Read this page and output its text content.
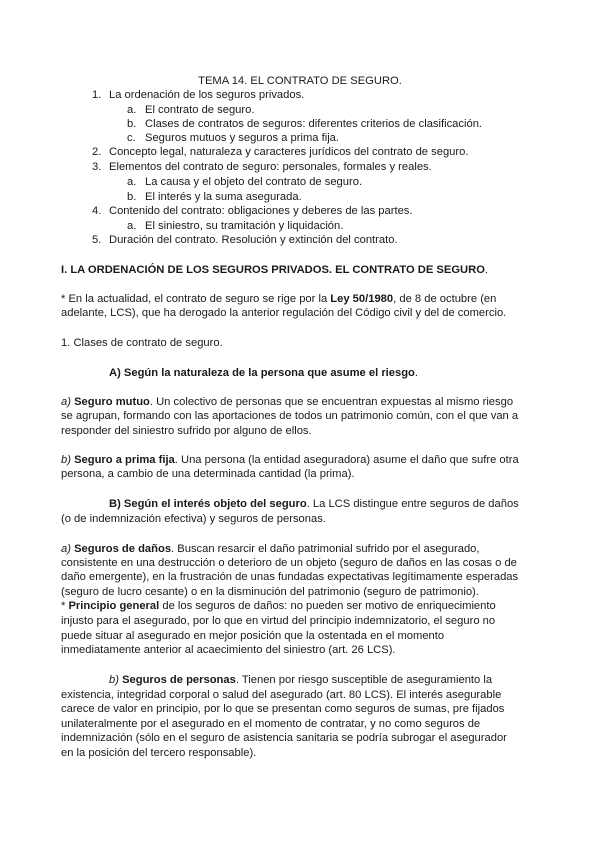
TEMA 14. EL CONTRATO DE SEGURO.
1. La ordenación de los seguros privados.
a. El contrato de seguro.
b. Clases de contratos de seguros: diferentes criterios de clasificación.
c. Seguros mutuos y seguros a prima fija.
2. Concepto legal, naturaleza y caracteres jurídicos del contrato de seguro.
3. Elementos del contrato de seguro: personales, formales y reales.
a. La causa y el objeto del contrato de seguro.
b. El interés y la suma asegurada.
4. Contenido del contrato: obligaciones y deberes de las partes.
a. El siniestro, su tramitación y liquidación.
5. Duración del contrato. Resolución y extinción del contrato.
I. LA ORDENACIÓN DE LOS SEGUROS PRIVADOS. EL CONTRATO DE SEGURO.
* En la actualidad, el contrato de seguro se rige por la Ley 50/1980, de 8 de octubre (en
adelante, LCS), que ha derogado la anterior regulación del Código civil y del de comercio.
1. Clases de contrato de seguro.
A) Según la naturaleza de la persona que asume el riesgo.
a) Seguro mutuo. Un colectivo de personas que se encuentran expuestas al mismo riesgo
se agrupan, formando con las aportaciones de todos un patrimonio común, con el que van a
responder del siniestro sufrido por alguno de ellos.
b) Seguro a prima fija. Una persona (la entidad aseguradora) asume el daño que sufre otra
persona, a cambio de una determinada cantidad (la prima).
B) Según el interés objeto del seguro. La LCS distingue entre seguros de daños
(o de indemnización efectiva) y seguros de personas.
a) Seguros de daños. Buscan resarcir el daño patrimonial sufrido por el asegurado,
consistente en una destrucción o deterioro de un objeto (seguro de daños en las cosas o de
daño emergente), en la frustración de unas fundadas expectativas legítimamente esperadas
(seguro de lucro cesante) o en la disminución del patrimonio (seguro de patrimonio).
* Principio general de los seguros de daños: no pueden ser motivo de enriquecimiento
injusto para el asegurado, por lo que en virtud del principio indemnizatorio, el seguro no
puede situar al asegurado en mejor posición que la ostentada en el momento
inmediatamente anterior al acaecimiento del siniestro (art. 26 LCS).
b) Seguros de personas. Tienen por riesgo susceptible de aseguramiento la
existencia, integridad corporal o salud del asegurado (art. 80 LCS). El interés asegurable
carece de valor en principio, por lo que se presentan como seguros de sumas, pre fijados
unilateralmente por el asegurado en el momento de contratar, y no como seguros de
indemnización (sólo en el seguro de asistencia sanitaria se podría subrogar el asegurador
en la posición del tercero responsable).
